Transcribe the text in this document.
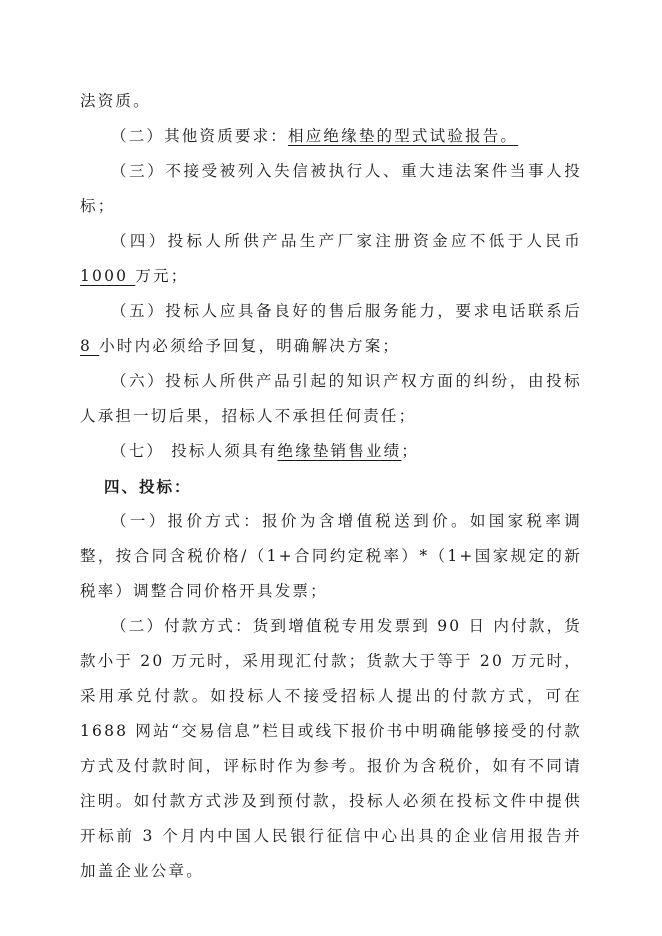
法资质。

（二）其他资质要求：相应绝缘垫的型式试验报告。

（三）不接受被列入失信被执行人、重大违法案件当事人投标；

（四）投标人所供产品生产厂家注册资金应不低于人民币 1000 万元；

（五）投标人应具备良好的售后服务能力，要求电话联系后 8 小时内必须给予回复，明确解决方案；

（六）投标人所供产品引起的知识产权方面的纠纷，由投标人承担一切后果，招标人不承担任何责任；

（七） 投标人须具有绝缘垫销售业绩；

四、投标：

（一）报价方式：报价为含增值税送到价。如国家税率调整，按合同含税价格/（1+合同约定税率）*（1+国家规定的新税率）调整合同价格开具发票；

（二）付款方式：货到增值税专用发票到 90 日 内付款，货款小于 20 万元时，采用现汇付款；货款大于等于 20 万元时，采用承兑付款。如投标人不接受招标人提出的付款方式，可在 1688 网站“交易信息”栏目或线下报价书中明确能够接受的付款方式及付款时间，评标时作为参考。报价为含税价，如有不同请注明。如付款方式涉及到预付款，投标人必须在投标文件中提供开标前 3 个月内中国人民银行征信中心出具的企业信用报告并加盖企业公章。
